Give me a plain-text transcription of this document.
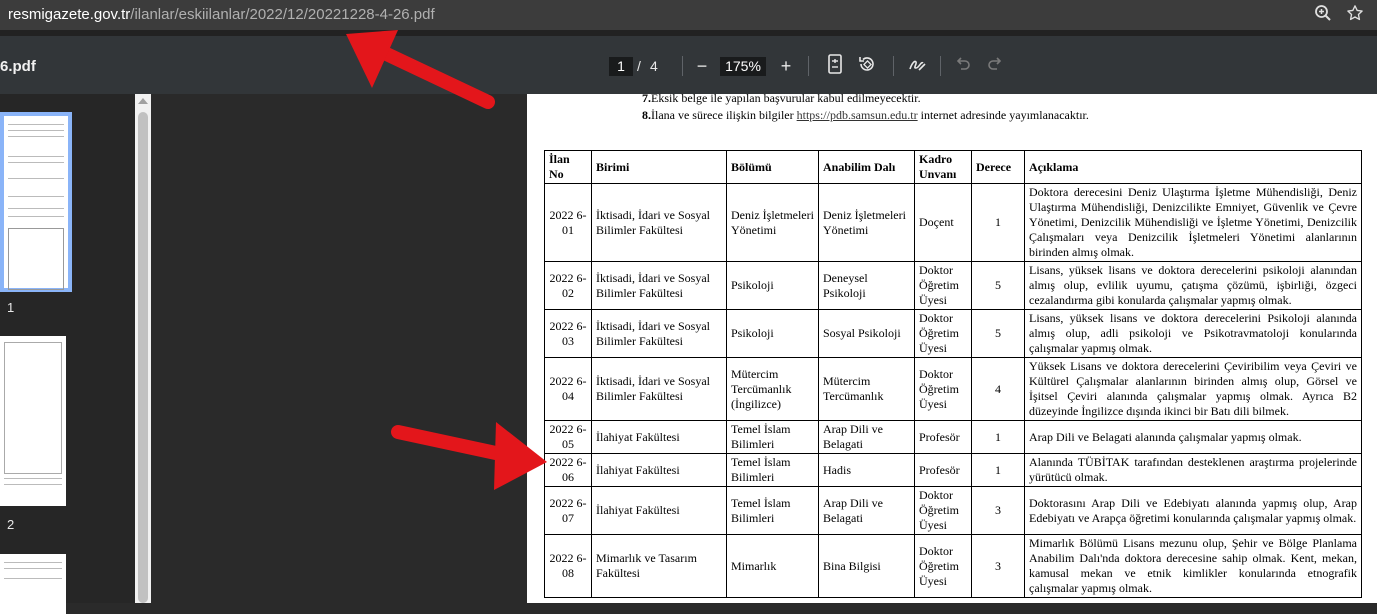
resmigazete.gov.tr/ilanlar/eskiilanlar/2022/12/20221228-4-26.pdf
6.pdf	1 / 4	−	175%	+
1
2
7.Eksik belge ile yapılan başvurular kabul edilmeyecektir.
8.İlana ve sürece ilişkin bilgiler https://pdb.samsun.edu.tr internet adresinde yayımlanacaktır.
İlan No	Birimi	Bölümü	Anabilim Dalı	Kadro Unvanı	Derece	Açıklama
2022 6-01	İktisadi, İdari ve Sosyal Bilimler Fakültesi	Deniz İşletmeleri Yönetimi	Deniz İşletmeleri Yönetimi	Doçent	1	Doktora derecesini Deniz Ulaştırma İşletme Mühendisliği, Deniz Ulaştırma Mühendisliği, Denizcilikte Emniyet, Güvenlik ve Çevre Yönetimi, Denizcilik Mühendisliği ve İşletme Yönetimi, Denizcilik Çalışmaları veya Denizcilik İşletmeleri Yönetimi alanlarının birinden almış olmak.
2022 6-02	İktisadi, İdari ve Sosyal Bilimler Fakültesi	Psikoloji	Deneysel Psikoloji	Doktor Öğretim Üyesi	5	Lisans, yüksek lisans ve doktora derecelerini psikoloji alanından almış olup, evlilik uyumu, çatışma çözümü, işbirliği, özgeci cezalandırma gibi konularda çalışmalar yapmış olmak.
2022 6-03	İktisadi, İdari ve Sosyal Bilimler Fakültesi	Psikoloji	Sosyal Psikoloji	Doktor Öğretim Üyesi	5	Lisans, yüksek lisans ve doktora derecelerini Psikoloji alanında almış olup, adli psikoloji ve Psikotravmatoloji konularında çalışmalar yapmış olmak.
2022 6-04	İktisadi, İdari ve Sosyal Bilimler Fakültesi	Mütercim Tercümanlık (İngilizce)	Mütercim Tercümanlık	Doktor Öğretim Üyesi	4	Yüksek Lisans ve doktora derecelerini Çeviribilim veya Çeviri ve Kültürel Çalışmalar alanlarının birinden almış olup, Görsel ve İşitsel Çeviri alanında çalışmalar yapmış olmak. Ayrıca B2 düzeyinde İngilizce dışında ikinci bir Batı dili bilmek.
2022 6-05	İlahiyat Fakültesi	Temel İslam Bilimleri	Arap Dili ve Belagati	Profesör	1	Arap Dili ve Belagati alanında çalışmalar yapmış olmak.
2022 6-06	İlahiyat Fakültesi	Temel İslam Bilimleri	Hadis	Profesör	1	Alanında TÜBİTAK tarafından desteklenen araştırma projelerinde yürütücü olmak.
2022 6-07	İlahiyat Fakültesi	Temel İslam Bilimleri	Arap Dili ve Belagati	Doktor Öğretim Üyesi	3	Doktorasını Arap Dili ve Edebiyatı alanında yapmış olup, Arap Edebiyatı ve Arapça öğretimi konularında çalışmalar yapmış olmak.
2022 6-08	Mimarlık ve Tasarım Fakültesi	Mimarlık	Bina Bilgisi	Doktor Öğretim Üyesi	3	Mimarlık Bölümü Lisans mezunu olup, Şehir ve Bölge Planlama Anabilim Dalı'nda doktora derecesine sahip olmak. Kent, mekan, kamusal mekan ve etnik kimlikler konularında etnografik çalışmalar yapmış olmak.
